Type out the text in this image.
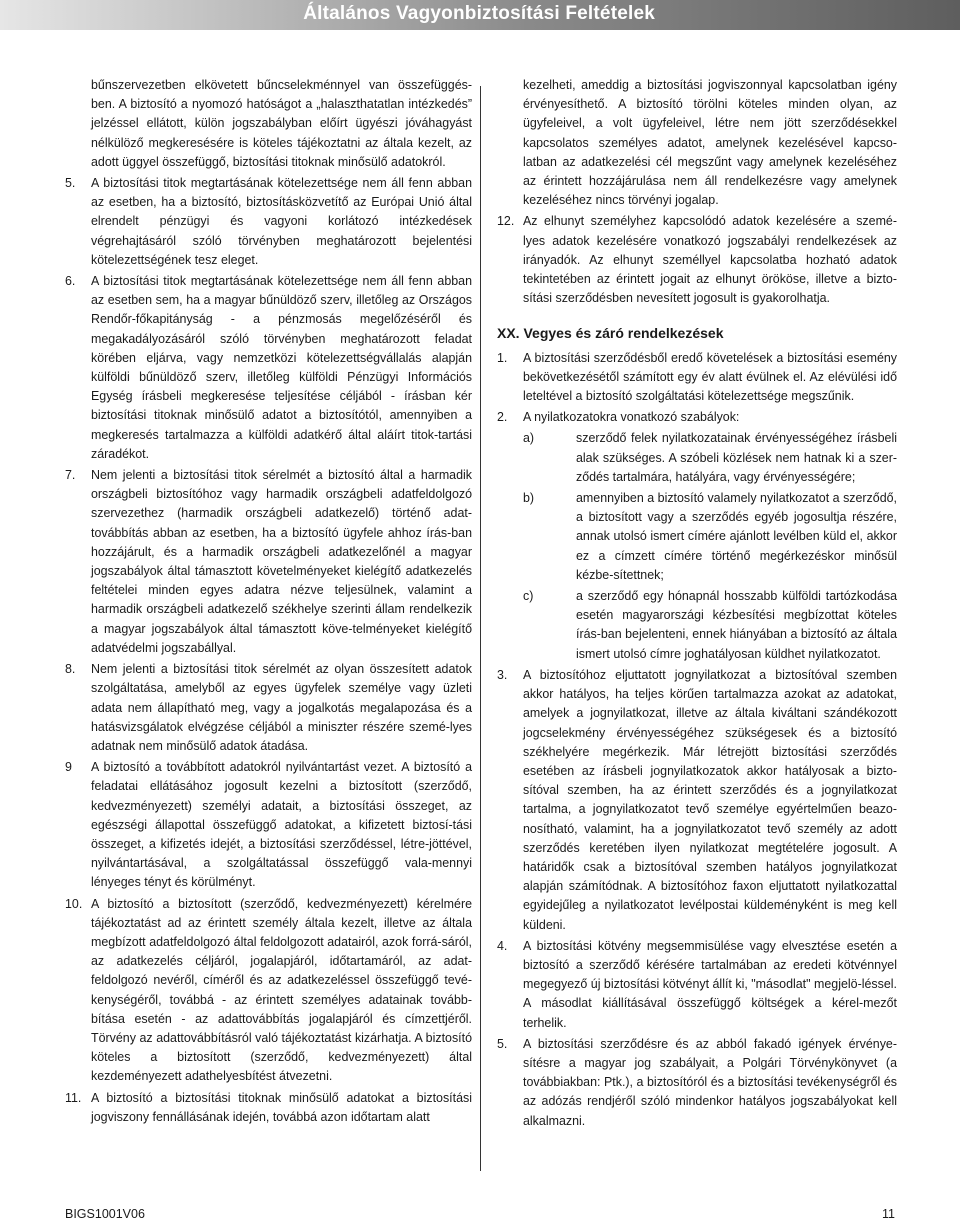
Általános Vagyonbiztosítási Feltételek
bűnszervezetben elkövetett bűncselekménnyel van összefüggés-ben. A biztosító a nyomozó hatóságot a „halaszthatatlan intézkedés” jelzéssel ellátott, külön jogszabályban előírt ügyészi jóváhagyást nélkülöző megkeresésére is köteles tájékoztatni az általa kezelt, az adott üggyel összefüggő, biztosítási titoknak minősülő adatokról.
5. A biztosítási titok megtartásának kötelezettsége nem áll fenn abban az esetben, ha a biztosító, biztosításközvetítő az Európai Unió által elrendelt pénzügyi és vagyoni korlátozó intézkedések végrehajtásáról szóló törvényben meghatározott bejelentési kötelezettségének tesz eleget.
6. A biztosítási titok megtartásának kötelezettsége nem áll fenn abban az esetben sem, ha a magyar bűnüldöző szerv, illetőleg az Országos Rendőr-főkapitányság - a pénzmosás megelőzéséről és megakadályozásáról szóló törvényben meghatározott feladat körében eljárva, vagy nemzetközi kötelezettségvállalás alapján külföldi bűnüldöző szerv, illetőleg külföldi Pénzügyi Információs Egység írásbeli megkeresése teljesítése céljából - írásban kér biztosítási titoknak minősülő adatot a biztosítótól, amennyiben a megkeresés tartalmazza a külföldi adatkérő által aláírt titok-tartási záradékot.
7. Nem jelenti a biztosítási titok sérelmét a biztosító által a harmadik országbeli biztosítóhoz vagy harmadik országbeli adatfeldolgozó szervezethez (harmadik országbeli adatkezelő) történő adat-továbbítás abban az esetben, ha a biztosító ügyfele ahhoz írás-ban hozzájárult, és a harmadik országbeli adatkezelőnél a magyar jogszabályok által támasztott követelményeket kielégítő adatkezelés feltételei minden egyes adatra nézve teljesülnek, valamint a harmadik országbeli adatkezelő székhelye szerinti állam rendelkezik a magyar jogszabályok által támasztott köve-telményeket kielégítő adatvédelmi jogszabállyal.
8. Nem jelenti a biztosítási titok sérelmét az olyan összesített adatok szolgáltatása, amelyből az egyes ügyfelek személye vagy üzleti adata nem állapítható meg, vagy a jogalkotás megalapozása és a hatásvizsgálatok elvégzése céljából a miniszter részére szemé-lyes adatnak nem minősülő adatok átadása.
9 A biztosító a továbbított adatokról nyilvántartást vezet. A biztosító a feladatai ellátásához jogosult kezelni a biztosított (szerződő, kedvezményezett) személyi adatait, a biztosítási összeget, az egészségi állapottal összefüggő adatokat, a kifizetett biztosí-tási összeget, a kifizetés idejét, a biztosítási szerződéssel, létre-jöttével, nyilvántartásával, a szolgáltatással összefüggő vala-mennyi lényeges tényt és körülményt.
10. A biztosító a biztosított (szerződő, kedvezményezett) kérelmére tájékoztatást ad az érintett személy általa kezelt, illetve az általa megbízott adatfeldolgozó által feldolgozott adatairól, azok forrá-sáról, az adatkezelés céljáról, jogalapjáról, időtartamáról, az adat-feldolgozó nevéről, címéről és az adatkezeléssel összefüggő tevé-kenységéről, továbbá - az érintett személyes adatainak tovább-bítása esetén - az adattovábbítás jogalapjáról és címzettjéről. Törvény az adattovábbításról való tájékoztatást kizárhatja. A biztosító köteles a biztosított (szerződő, kedvezményezett) által kezdeményezett adathelyesbítést átvezetni.
11. A biztosító a biztosítási titoknak minősülő adatokat a biztosítási jogviszony fennállásának idején, továbbá azon időtartam alatt
kezelheti, ameddig a biztosítási jogviszonnyal kapcsolatban igény érvényesíthető. A biztosító törölni köteles minden olyan, az ügyfeleivel, a volt ügyfeleivel, létre nem jött szerződésekkel kapcsolatos személyes adatot, amelynek kezelésével kapcso-latban az adatkezelési cél megszűnt vagy amelynek kezeléséhez az érintett hozzájárulása nem áll rendelkezésre vagy amelynek kezeléséhez nincs törvényi jogalap.
12. Az elhunyt személyhez kapcsolódó adatok kezelésére a szemé-lyes adatok kezelésére vonatkozó jogszabályi rendelkezések az irányadók. Az elhunyt személlyel kapcsolatba hozható adatok tekintetében az érintett jogait az elhunyt örököse, illetve a bizto-sítási szerződésben nevesített jogosult is gyakorolhatja.
XX. Vegyes és záró rendelkezések
1. A biztosítási szerződésből eredő követelések a biztosítási esemény bekövetkezésétől számított egy év alatt évülnek el. Az elévülési idő leteltével a biztosító szolgáltatási kötelezettsége megszűnik.
2. A nyilatkozatokra vonatkozó szabályok:
a)	szerződő felek nyilatkozatainak érvényességéhez írásbeli alak szükséges. A szóbeli közlések nem hatnak ki a szer-ződés tartalmára, hatályára, vagy érvényességére;
b)	amennyiben a biztosító valamely nyilatkozatot a szerződő, a biztosított vagy a szerződés egyéb jogosultja részére, annak utolsó ismert címére ajánlott levélben küld el, akkor ez a címzett címére történő megérkezéskor minősül kézbe-sítettnek;
c)	a szerződő egy hónapnál hosszabb külföldi tartózkodása esetén magyarországi kézbesítési megbízottat köteles írás-ban bejelenteni, ennek hiányában a biztosító az általa ismert utolsó címre joghatályosan küldhet nyilatkozatot.
3. A biztosítóhoz eljuttatott jognyilatkozat a biztosítóval szemben akkor hatályos, ha teljes körűen tartalmazza azokat az adatokat, amelyek a jognyilatkozat, illetve az általa kiváltani szándékozott jogcselekmény érvényességéhez szükségesek és a biztosító székhelyére megérkezik. Már létrejött biztosítási szerződés esetében az írásbeli jognyilatkozatok akkor hatályosak a bizto-sítóval szemben, ha az érintett szerződés és a jognyilatkozat tartalma, a jognyilatkozatot tevő személye egyértelműen beazo-nosítható, valamint, ha a jognyilatkozatot tevő személy az adott szerződés keretében ilyen nyilatkozat megtételére jogosult. A határidők csak a biztosítóval szemben hatályos jognyilatkozat alapján számítódnak. A biztosítóhoz faxon eljuttatott nyilatkozattal egyidejűleg a nyilatkozatot levélpostai küldeményként is meg kell küldeni.
4. A biztosítási kötvény megsemmisülése vagy elvesztése esetén a biztosító a szerződő kérésére tartalmában az eredeti kötvénnyel megegyező új biztosítási kötvényt állít ki, "másodlat" megjelö-léssel. A másodlat kiállításával összefüggő költségek a kérel-mezőt terhelik.
5. A biztosítási szerződésre és az abból fakadó igények érvénye-sítésre a magyar jog szabályait, a Polgári Törvénykönyvet (a továbbiakban: Ptk.), a biztosítóról és a biztosítási tevékenységről és az adózás rendjéről szóló mindenkor hatályos jogszabályokat kell alkalmazni.
BIGS1001V06	11
